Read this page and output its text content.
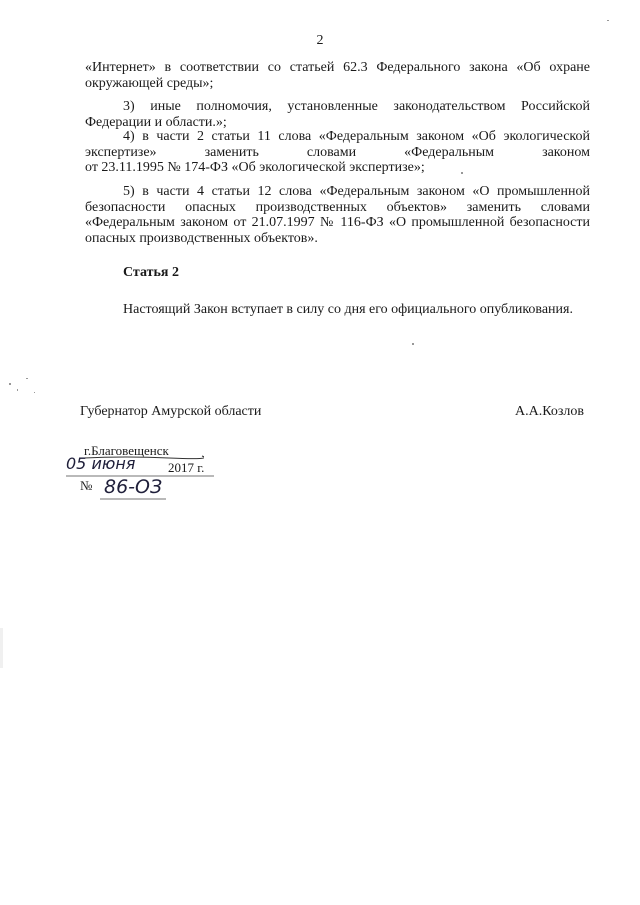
2

«Интернет» в соответствии со статьей 62.3 Федерального закона «Об охране окружающей среды»;

3) иные полномочия, установленные законодательством Российской Федерации и области.»;

4) в части 2 статьи 11 слова «Федеральным законом «Об экологической экспертизе» заменить словами «Федеральным законом

от 23.11.1995 № 174-ФЗ «Об экологической экспертизе»;

5) в части 4 статьи 12 слова «Федеральным законом «О промышленной безопасности опасных производственных объектов» заменить словами «Федеральным законом от 21.07.1997 № 116-ФЗ «О промышленной безопасности опасных производственных объектов».

Статья 2

Настоящий Закон вступает в силу со дня его официального опубликования.

Губернатор Амурской области	А.А.Козлов
г.Благовещенск
05 июня	2017 г.
№ 86-ОЗ
